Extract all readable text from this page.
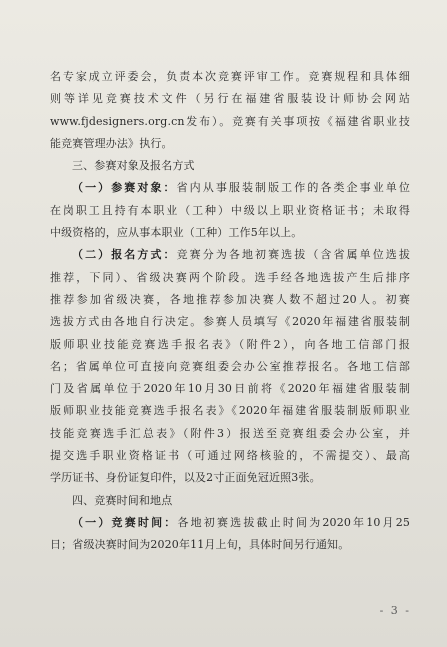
名专家成立评委会，负责本次竞赛评审工作。竞赛规程和具体细
则等详见竞赛技术文件（另行在福建省服装设计师协会网站
www.fjdesigners.org.cn发布）。竞赛有关事项按《福建省职业技
能竞赛管理办法》执行。
三、参赛对象及报名方式
（一）参赛对象：省内从事服装制版工作的各类企事业单位
在岗职工且持有本职业（工种）中级以上职业资格证书；未取得
中级资格的，应从事本职业（工种）工作5年以上。
（二）报名方式：竞赛分为各地初赛选拔（含省属单位选拔
推荐，下同）、省级决赛两个阶段。选手经各地选拔产生后排序
推荐参加省级决赛，各地推荐参加决赛人数不超过20人。初赛
选拔方式由各地自行决定。参赛人员填写《2020年福建省服装制
版师职业技能竞赛选手报名表》（附件2），向各地工信部门报
名；省属单位可直接向竞赛组委会办公室推荐报名。各地工信部
门及省属单位于2020年10月30日前将《2020年福建省服装制
版师职业技能竞赛选手报名表》《2020年福建省服装制版师职业
技能竞赛选手汇总表》（附件3）报送至竞赛组委会办公室，并
提交选手职业资格证书（可通过网络核验的，不需提交）、最高
学历证书、身份证复印件，以及2寸正面免冠近照3张。
四、竞赛时间和地点
（一）竞赛时间：各地初赛选拔截止时间为2020年10月25
日；省级决赛时间为2020年11月上旬，具体时间另行通知。
- 3 -
